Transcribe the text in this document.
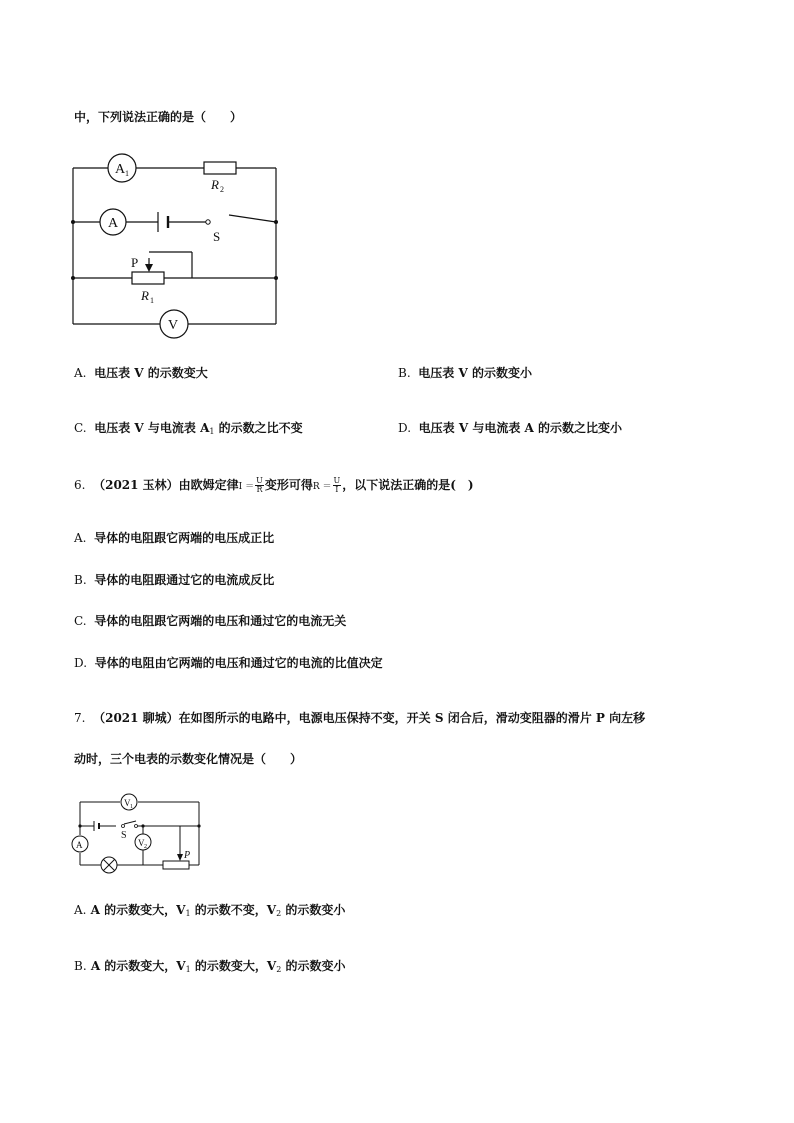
中，下列说法正确的是（　　）
A 1
R 2
A
S
P
R 1
V
A. 电压表 V 的示数变大	B. 电压表 V 的示数变小
C. 电压表 V 与电流表 $A_1$ 的示数之比不变	D. 电压表 V 与电流表 A 的示数之比变小
6. （2021 玉林）由欧姆定律$I = \frac{U}{R}$ 变形可得$R = \frac{U}{I}$ ，以下说法正确的是(　)
A. 导体的电阻跟它两端的电压成正比
B. 导体的电阻跟通过它的电流成反比
C. 导体的电阻跟它两端的电压和通过它的电流无关
D. 导体的电阻由它两端的电压和通过它的电流的比值决定
7. （2021 聊城）在如图所示的电路中，电源电压保持不变，开关 S 闭合后，滑动变阻器的滑片 P 向左移
动时，三个电表的示数变化情况是（　　）
S
V 1
V 2
A
P
A. A 的示数变大，$V_1$ 的示数不变，$V_2$ 的示数变小
B. A 的示数变大，$V_1$ 的示数变大，$V_2$ 的示数变小
